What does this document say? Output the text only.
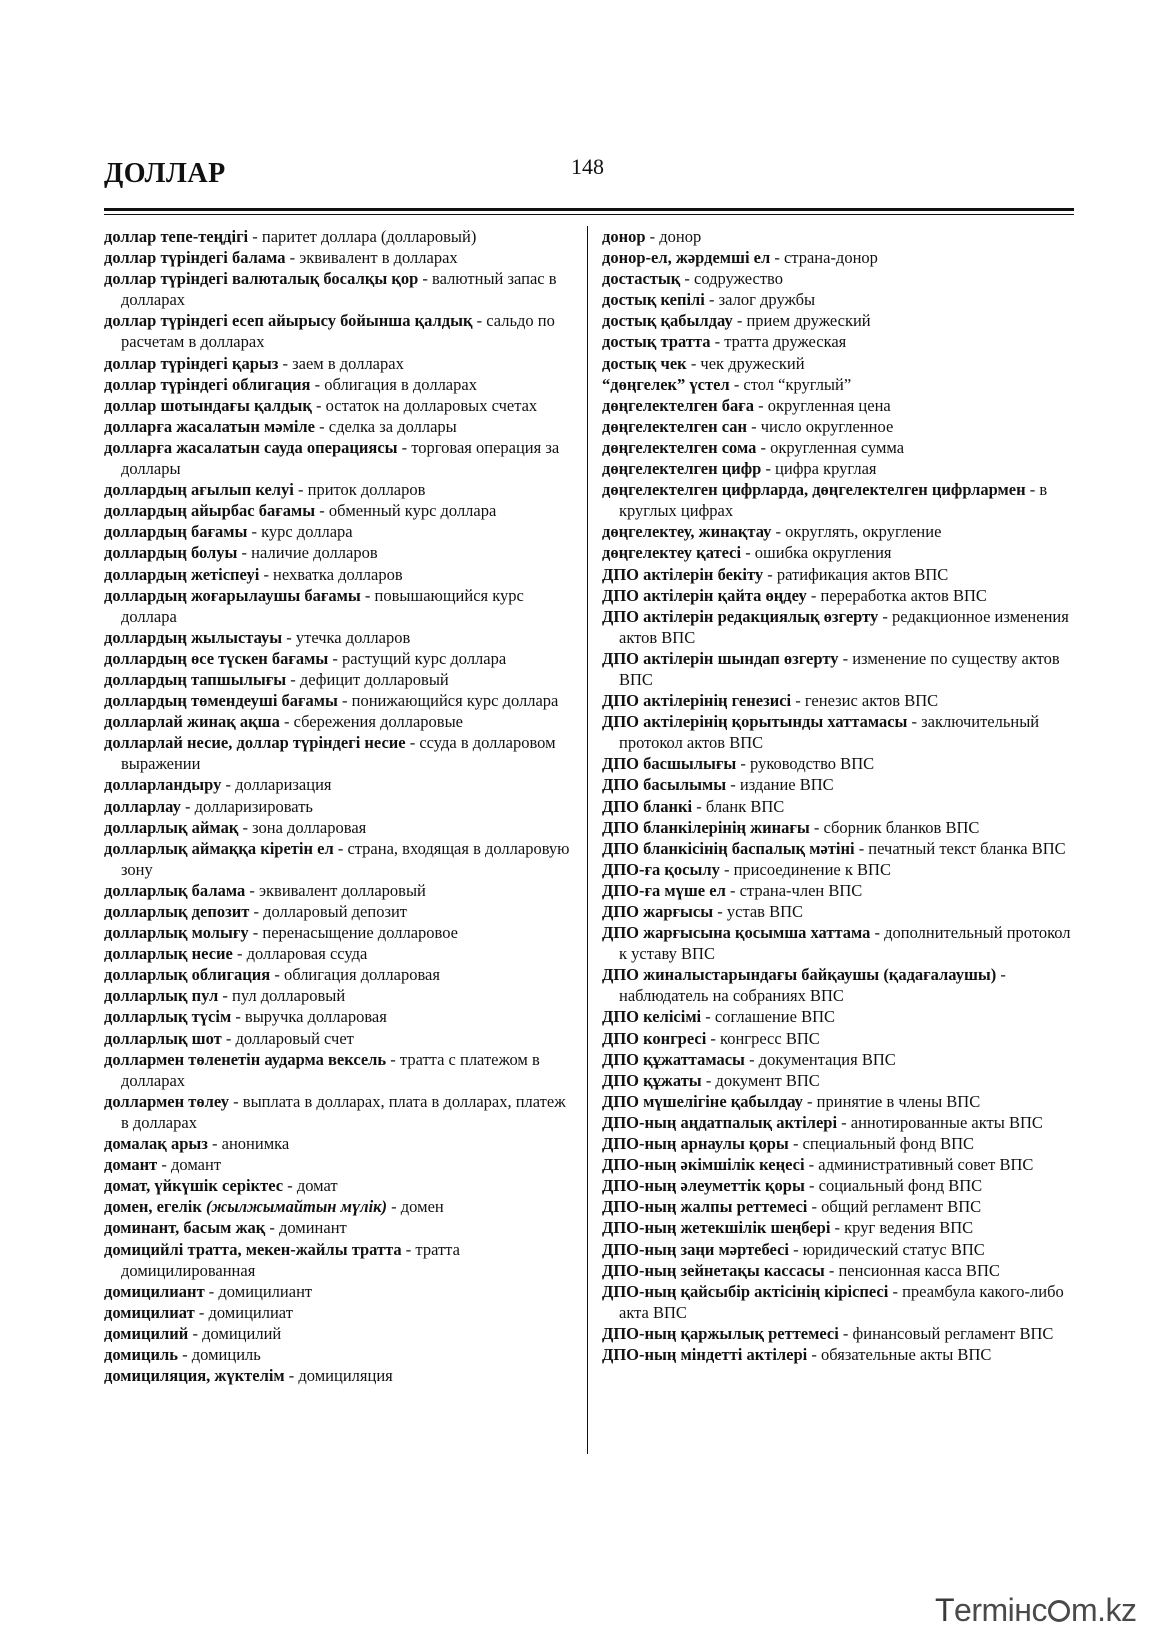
ДОЛЛАР	148

доллар тепе-теңдігі - паритет доллара (долларовый)

доллар түріндегі балама - эквивалент в долларах

доллар түріндегі валюталық босалқы қор - валютный запас в долларах

доллар түріндегі есеп айырысу бойынша қалдық - сальдо по расчетам в долларах

доллар түріндегі қарыз - заем в долларах

доллар түріндегі облигация - облигация в долларах

доллар шотындағы қалдық - остаток на долларовых счетах

долларға жасалатын мәміле - сделка за доллары

долларға жасалатын сауда операциясы - торговая операция за доллары

доллардың ағылып келуі - приток долларов

доллардың айырбас бағамы - обменный курс доллара

доллардың бағамы - курс доллара

доллардың болуы - наличие долларов

доллардың жетіспеуі - нехватка долларов

доллардың жоғарылаушы бағамы - повышающийся курс доллара

доллардың жылыстауы - утечка долларов

доллардың өсе түскен бағамы - растущий курс доллара

доллардың тапшылығы - дефицит долларовый

доллардың төмендеуші бағамы - понижающийся курс доллара

долларлай жинақ ақша - сбережения долларовые

долларлай несие, доллар түріндегі несие - ссуда в долларовом выражении

долларландыру - долларизация

долларлау - долларизировать

долларлық аймақ - зона долларовая

долларлық аймаққа кіретін ел - страна, входящая в долларовую зону

долларлық балама - эквивалент долларовый

долларлық депозит - долларовый депозит

долларлық молығу - перенасыщение долларовое

долларлық несие - долларовая ссуда

долларлық облигация - облигация долларовая

долларлық пул - пул долларовый

долларлық түсім - выручка долларовая

долларлық шот - долларовый счет

доллармен төленетін аударма вексель - тратта с платежом в долларах

доллармен төлеу - выплата в долларах, плата в долларах, платеж в долларах

домалақ арыз - анонимка

домант - домант

домат, үйкүшік серіктес - домат

домен, егелік (жылжымайтын мүлік) - домен

доминант, басым жақ - доминант

домицийлі тратта, мекен-жайлы тратта - тратта домицилированная

домицилиант - домицилиант

домицилиат - домицилиат

домицилий - домицилий

домициль - домициль

домициляция, жүктелім - домициляция

донор - донор

донор-ел, жәрдемші ел - страна-донор

достастық - содружество

достық кепілі - залог дружбы

достық қабылдау - прием дружеский

достық тратта - тратта дружеская

достық чек - чек дружеский

“дөңгелек” үстел - стол “круглый”

дөңгелектелген баға - округленная цена

дөңгелектелген сан - число округленное

дөңгелектелген сома - округленная сумма

дөңгелектелген цифр - цифра круглая

дөңгелектелген цифрларда, дөңгелектелген цифрлармен - в круглых цифрах

дөңгелектеу, жинақтау - округлять, округление

дөңгелектеу қатесі - ошибка округления

ДПО актілерін бекіту - ратификация актов ВПС

ДПО актілерін қайта өңдеу - переработка актов ВПС

ДПО актілерін редакциялық өзгерту - редакционное изменения актов ВПС

ДПО актілерін шындап өзгерту - изменение по существу актов ВПС

ДПО актілерінің генезисі - генезис актов ВПС

ДПО актілерінің қорытынды хаттамасы - заключительный протокол актов ВПС

ДПО басшылығы - руководство ВПС

ДПО басылымы - издание ВПС

ДПО бланкі - бланк ВПС

ДПО бланкілерінің жинағы - сборник бланков ВПС

ДПО бланкісінің баспалық мәтіні - печатный текст бланка ВПС

ДПО-ға қосылу - присоединение к ВПС

ДПО-ға мүше ел - страна-член ВПС

ДПО жарғысы - устав ВПС

ДПО жарғысына қосымша хаттама - дополнительный протокол к уставу ВПС

ДПО жиналыстарындағы байқаушы (қадағалаушы) - наблюдатель на собраниях ВПС

ДПО келісімі - соглашение ВПС

ДПО конгресі - конгресс ВПС

ДПО құжаттамасы - документация ВПС

ДПО құжаты - документ ВПС

ДПО мүшелігіне қабылдау - принятие в члены ВПС

ДПО-ның аңдатпалық актілері - аннотированные акты ВПС

ДПО-ның арнаулы қоры - специальный фонд ВПС

ДПО-ның әкімшілік кеңесі - административный совет ВПС

ДПО-ның әлеуметтік қоры - социальный фонд ВПС

ДПО-ның жалпы реттемесі - общий регламент ВПС

ДПО-ның жетекшілік шеңбері - круг ведения ВПС

ДПО-ның заңи мәртебесі - юридический статус ВПС

ДПО-ның зейнетақы кассасы - пенсионная касса ВПС

ДПО-ның қайсыбір актісінің кіріспесі - преамбула какого-либо акта ВПС

ДПО-ның қаржылық реттемесі - финансовый регламент ВПС

ДПО-ның міндетті актілері - обязательные акты ВПС

Termінc m.kz
